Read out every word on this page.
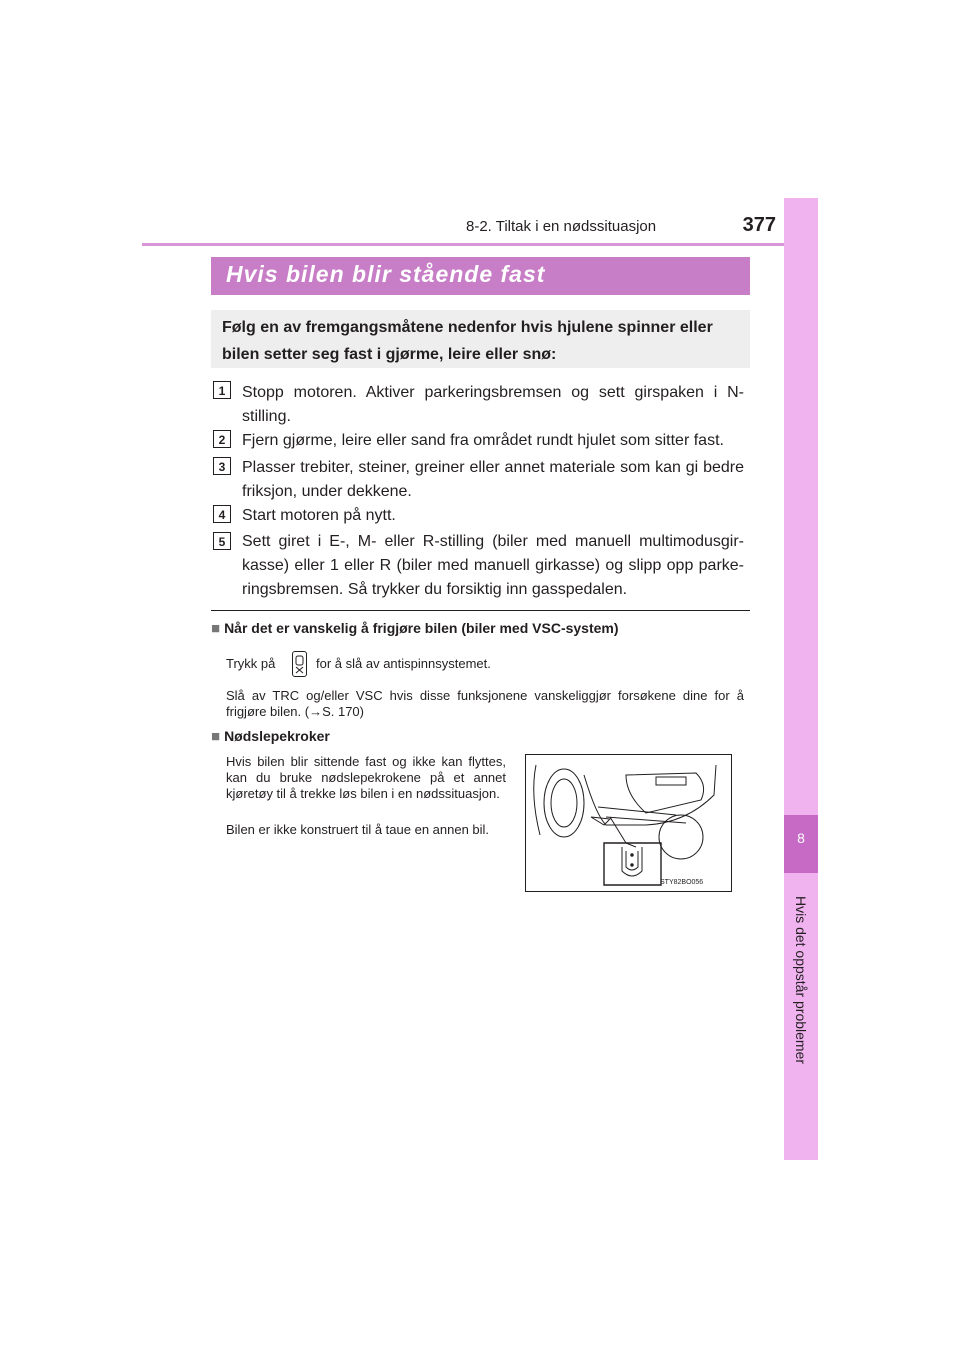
8-2. Tiltak i en nødssituasjon	377
8
Hvis det oppstår problemer
Hvis bilen blir stående fast
Følg en av fremgangsmåtene nedenfor hvis hjulene spinner eller bilen setter seg fast i gjørme, leire eller snø:
1	Stopp motoren. Aktiver parkeringsbremsen og sett girspaken i N-stilling.
2	Fjern gjørme, leire eller sand fra området rundt hjulet som sitter fast.
3	Plasser trebiter, steiner, greiner eller annet materiale som kan gi bedre friksjon, under dekkene.
4	Start motoren på nytt.
5	Sett giret i E-, M- eller R-stilling (biler med manuell multimodusgir-kasse) eller 1 eller R (biler med manuell girkasse) og slipp opp parke-ringsbremsen. Så trykker du forsiktig inn gasspedalen.
■ Når det er vanskelig å frigjøre bilen (biler med VSC-system)
Trykk på	for å slå av antispinnsystemet.
Slå av TRC og/eller VSC hvis disse funksjonene vanskeliggjør forsøkene dine for å frigjøre bilen. (→S. 170)
■ Nødslepekroker
Hvis bilen blir sittende fast og ikke kan flyttes, kan du bruke nødslepekrokene på et annet kjøretøy til å trekke løs bilen i en nødssituasjon.
Bilen er ikke konstruert til å taue en annen bil.
STY82BO056
